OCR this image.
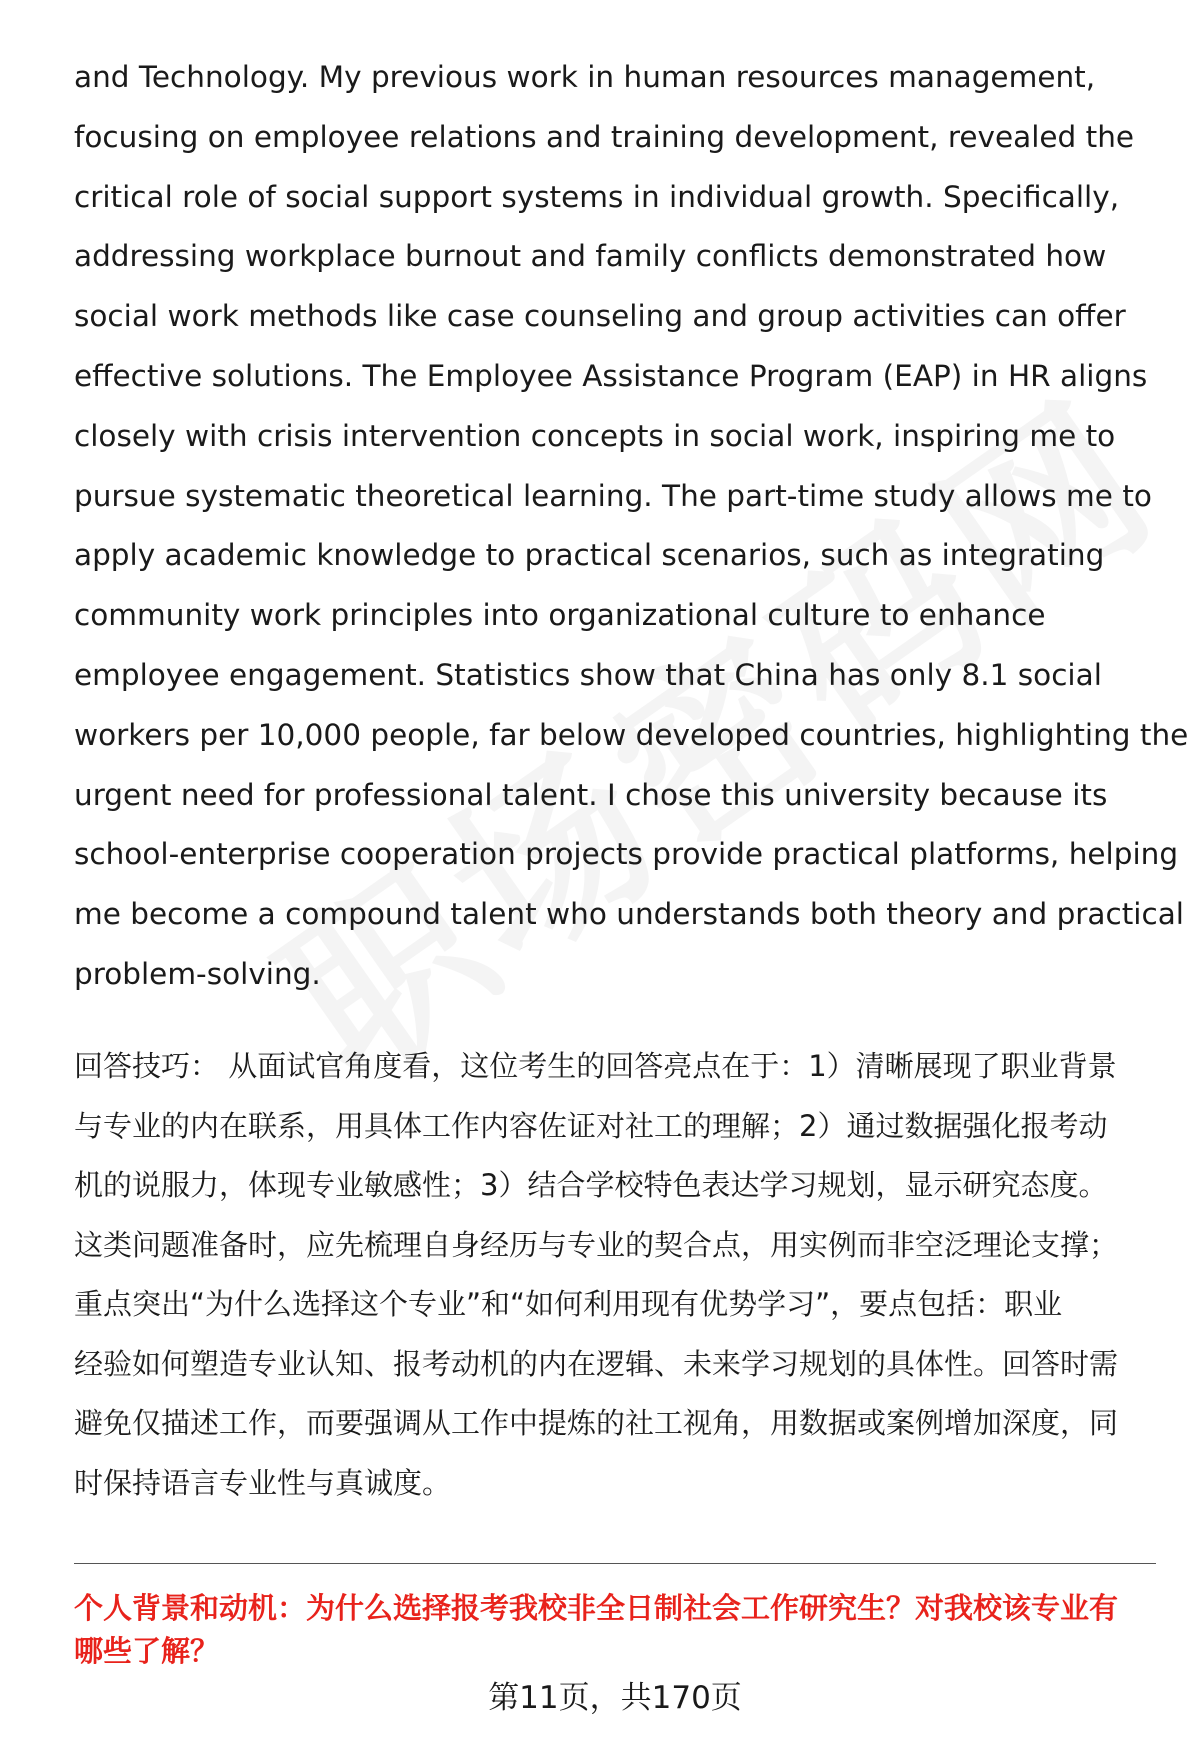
and Technology. My previous work in human resources management,
focusing on employee relations and training development, revealed the
critical role of social support systems in individual growth. Specifically,
addressing workplace burnout and family conflicts demonstrated how
social work methods like case counseling and group activities can offer
effective solutions. The Employee Assistance Program (EAP) in HR aligns
closely with crisis intervention concepts in social work, inspiring me to
pursue systematic theoretical learning. The part-time study allows me to
apply academic knowledge to practical scenarios, such as integrating
community work principles into organizational culture to enhance
employee engagement. Statistics show that China has only 8.1 social
workers per 10,000 people, far below developed countries, highlighting the
urgent need for professional talent. I chose this university because its
school-enterprise cooperation projects provide practical platforms, helping
me become a compound talent who understands both theory and practical
problem-solving.
回答技巧： 从面试官角度看，这位考生的回答亮点在于：1）清晰展现了职业背景
与专业的内在联系，用具体工作内容佐证对社工的理解；2）通过数据强化报考动
机的说服力，体现专业敏感性；3）结合学校特色表达学习规划，显示研究态度。
这类问题准备时，应先梳理自身经历与专业的契合点，用实例而非空泛理论支撑；
重点突出“为什么选择这个专业”和“如何利用现有优势学习”，要点包括：职业
经验如何塑造专业认知、报考动机的内在逻辑、未来学习规划的具体性。回答时需
避免仅描述工作，而要强调从工作中提炼的社工视角，用数据或案例增加深度，同
时保持语言专业性与真诚度。
个人背景和动机：为什么选择报考我校非全日制社会工作研究生？对我校该专业有
哪些了解？
第11页，共170页
